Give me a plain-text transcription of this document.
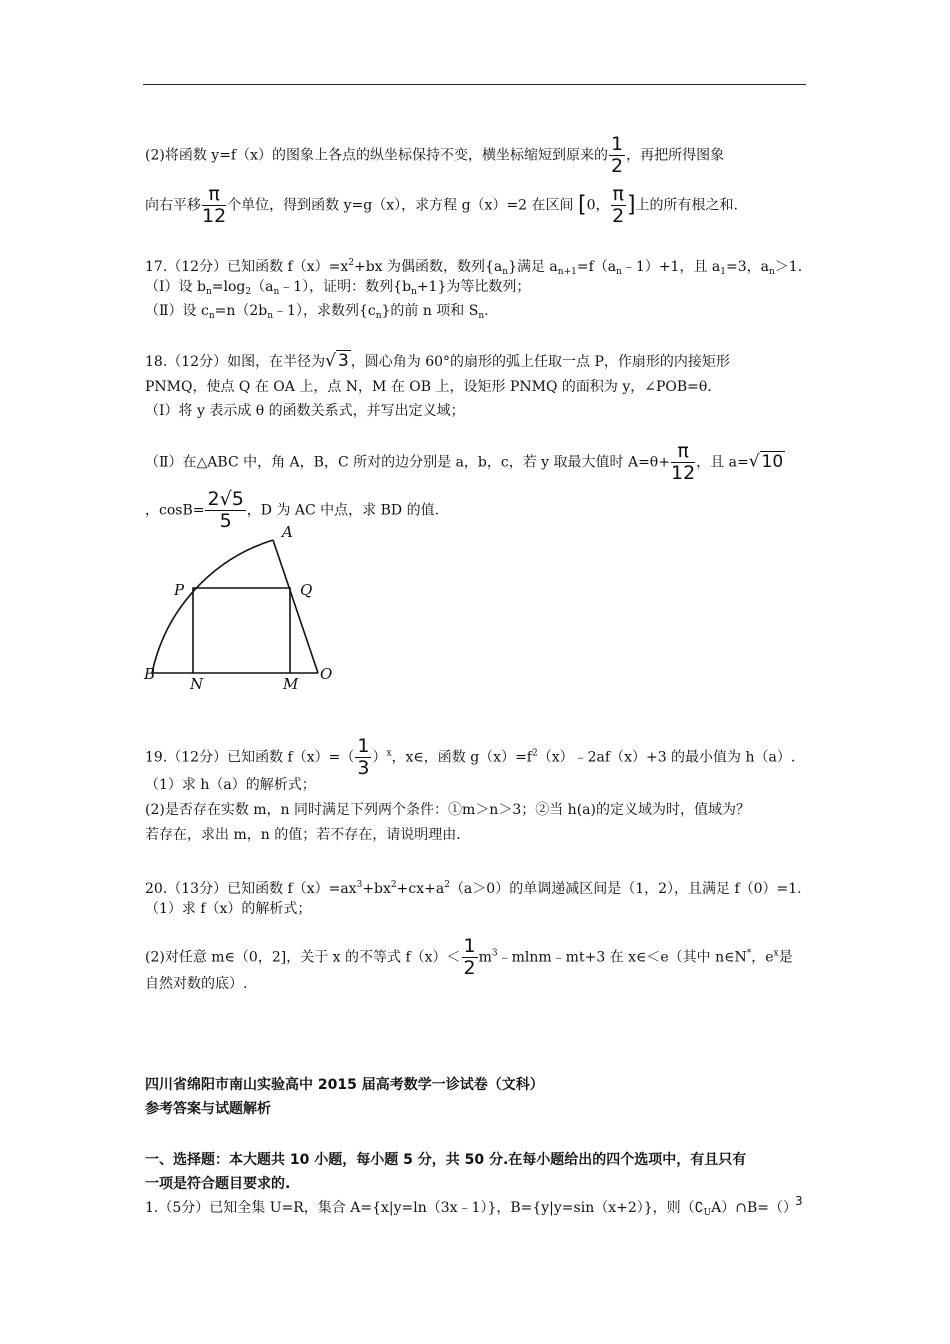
(2)将函数 y=f（x）的图象上各点的纵坐标保持不变，横坐标缩短到原来的 $\frac{1}{2}$ ，再把所得图象
向右平移 $\frac{\pi}{12}$ 个单位，得到函数 y=g（x），求方程 g（x）=2 在区间 [0， $\frac{\pi}{2}$ ]上的所有根之和.
17.（12分）已知函数 $f(x)=x^2+bx$ 为偶函数，数列$\{a_n\}$满足 $a_{n+1}=f(a_n﹣1)+1$，且 $a_1=3$，$a_n>1$.
（Ⅰ）设 $b_n=\log_2(a_n﹣1)$，证明：数列$\{b_n+1\}$为等比数列；
（Ⅱ）设 $c_n=n(2b_n﹣1)$，求数列$\{c_n\}$的前 n 项和 $S_n$.
18.（12分）如图，在半径为√ 3 ，圆心角为 60°的扇形的弧上任取一点 P，作扇形的内接矩形
PNMQ，使点 Q 在 OA 上，点 N，M 在 OB 上，设矩形 PNMQ 的面积为 y，∠POB=θ.
（Ⅰ）将 y 表示成 θ 的函数关系式，并写出定义域；
（Ⅱ）在△ABC 中，角 A，B，C 所对的边分别是 a，b，c，若 y 取最大值时 $A=\theta+ \frac{\pi}{12}$ ，且 a=√ 10
，$\cos B= \frac{2√5}{5}$ ，D 为 AC 中点，求 BD 的值.
A
P	Q
B
N	M
O
19.（12分）已知函数 $f(x)=( \frac{1}{3} )^x$，x∈，函数 $g(x)=f^2(x)﹣2af(x)+3$ 的最小值为 h（a）.
（1）求 h（a）的解析式；
(2)是否存在实数 m，n 同时满足下列两个条件：①m＞n＞3；②当 h(a)的定义域为时，值域为？
若存在，求出 m，n 的值；若不存在，请说明理由.
20.（13分）已知函数 $f(x)=ax^3+bx^2+cx+a^2(a>0)$的单调递减区间是（1，2），且满足 f（0）=1.
（1）求 f（x）的解析式；
(2)对任意 m∈（0，2]，关于 x 的不等式 $f(x)< \frac{1}{2}$ $m^3﹣mlnm﹣mt+3$ 在 x∈＜e（其中 n∈N*，$e^x$是
自然对数的底）.
四川省绵阳市南山实验高中 2015 届高考数学一诊试卷（文科）
参考答案与试题解析
一、选择题：本大题共 10 小题，每小题 5 分，共 50 分.在每小题给出的四个选项中，有且只有
一项是符合题目要求的.
1.（5分）已知全集 U=R，集合 A={x|y=ln（3x﹣1）}，B={y|y=sin（x+2）}，则$(∁_UA)\cap B=()$
3
